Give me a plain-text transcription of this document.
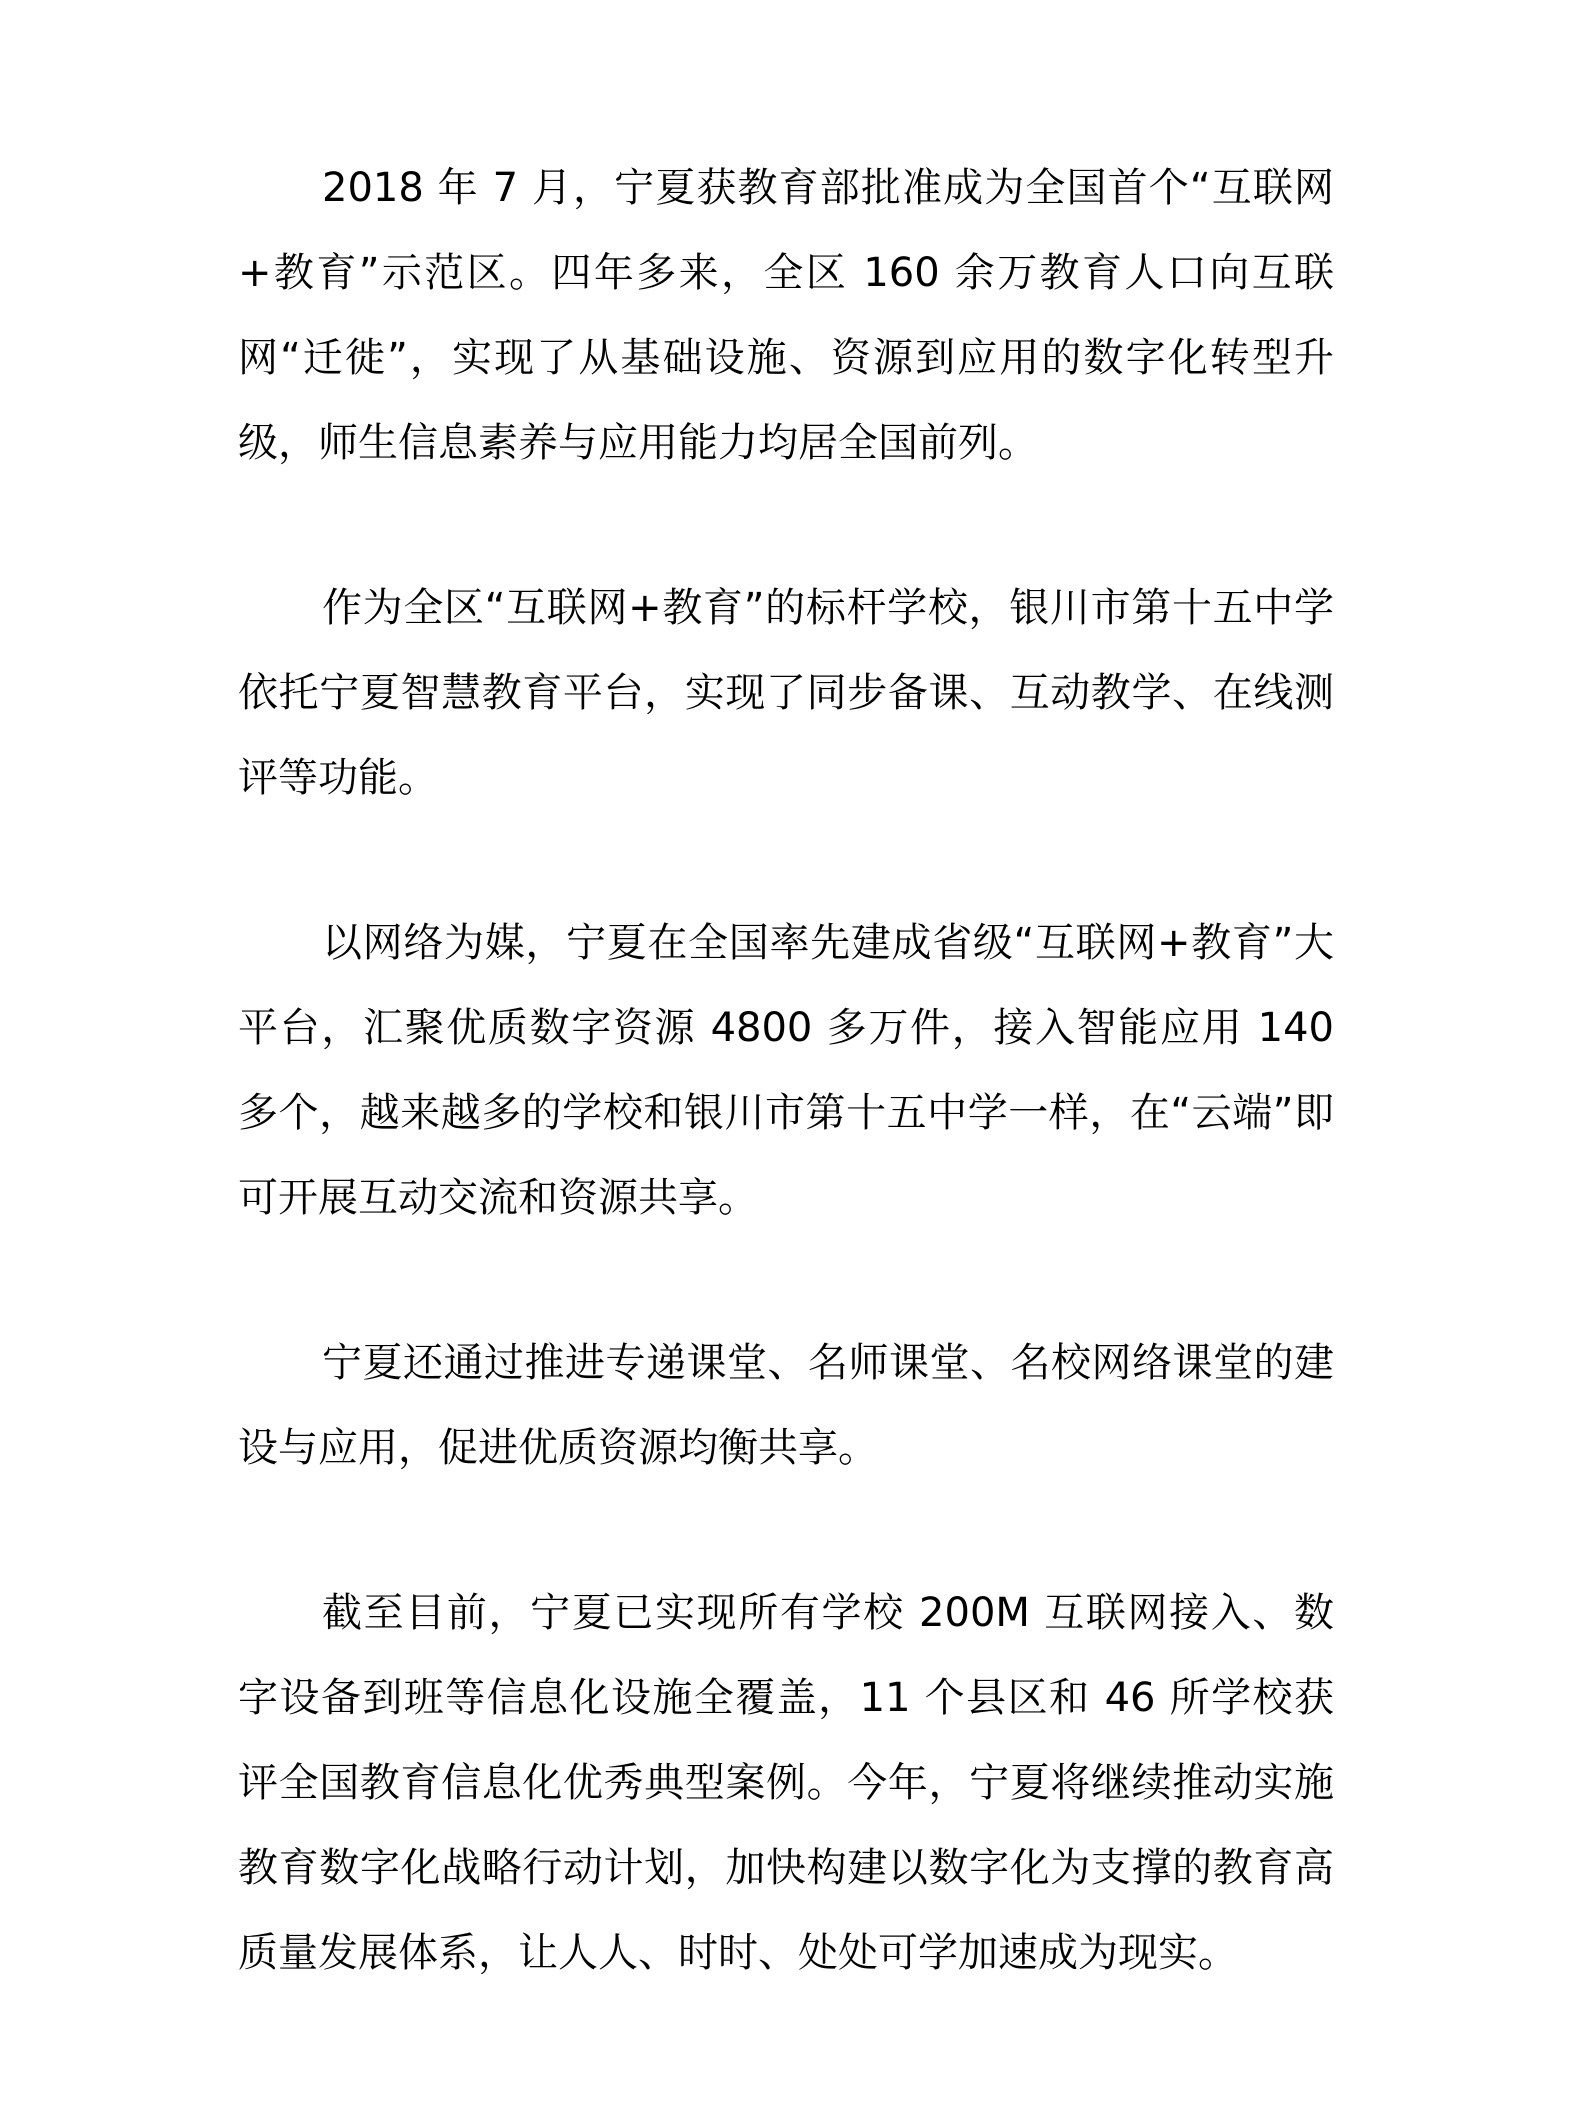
2018 年 7 月，宁夏获教育部批准成为全国首个“互联网+教育”示范区。四年多来，全区 160 余万教育人口向互联网“迁徙”，实现了从基础设施、资源到应用的数字化转型升级，师生信息素养与应用能力均居全国前列。

作为全区“互联网+教育”的标杆学校，银川市第十五中学依托宁夏智慧教育平台，实现了同步备课、互动教学、在线测评等功能。

以网络为媒，宁夏在全国率先建成省级“互联网+教育”大平台，汇聚优质数字资源 4800 多万件，接入智能应用 140 多个，越来越多的学校和银川市第十五中学一样，在“云端”即可开展互动交流和资源共享。

宁夏还通过推进专递课堂、名师课堂、名校网络课堂的建设与应用，促进优质资源均衡共享。

截至目前，宁夏已实现所有学校 200M 互联网接入、数字设备到班等信息化设施全覆盖，11 个县区和 46 所学校获评全国教育信息化优秀典型案例。今年，宁夏将继续推动实施教育数字化战略行动计划，加快构建以数字化为支撑的教育高质量发展体系，让人人、时时、处处可学加速成为现实。
